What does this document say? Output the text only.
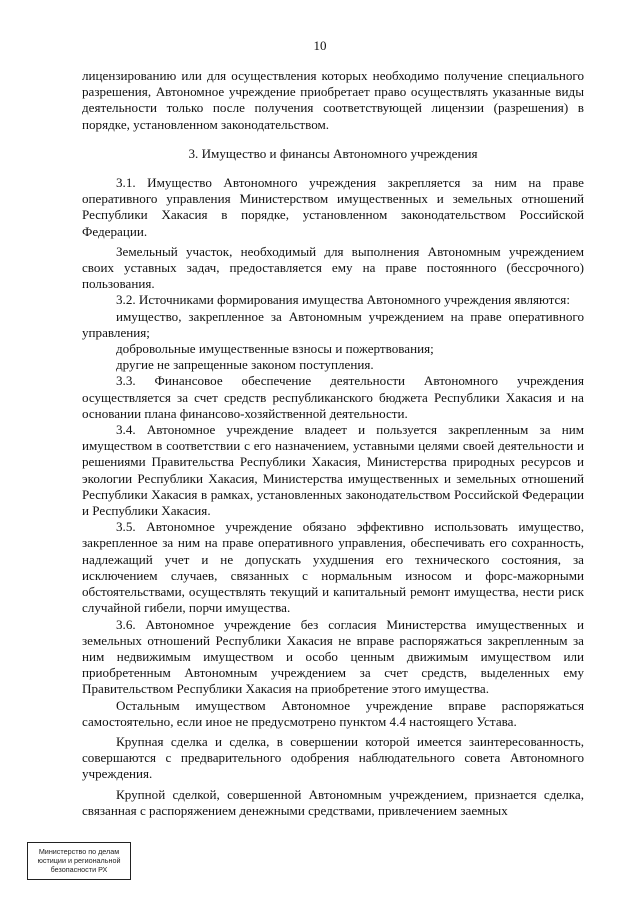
10

лицензированию или для осуществления которых необходимо получение специального разрешения, Автономное учреждение приобретает право осуществлять указанные виды деятельности только после получения соответствующей лицензии (разрешения) в порядке, установленном законодательством.

3. Имущество и финансы Автономного учреждения

3.1. Имущество Автономного учреждения закрепляется за ним на праве оперативного управления Министерством имущественных и земельных отношений Республики Хакасия в порядке, установленном законодательством Российской Федерации.

Земельный участок, необходимый для выполнения Автономным учреждением своих уставных задач, предоставляется ему на праве постоянного (бессрочного) пользования.

3.2. Источниками формирования имущества Автономного учреждения являются:

имущество, закрепленное за Автономным учреждением на праве оперативного управления;

добровольные имущественные взносы и пожертвования;

другие не запрещенные законом поступления.

3.3. Финансовое обеспечение деятельности Автономного учреждения осуществляется за счет средств республиканского бюджета Республики Хакасия и на основании плана финансово-хозяйственной деятельности.

3.4. Автономное учреждение владеет и пользуется закрепленным за ним имуществом в соответствии с его назначением, уставными целями своей деятельности и решениями Правительства Республики Хакасия, Министерства природных ресурсов и экологии Республики Хакасия, Министерства имущественных и земельных отношений Республики Хакасия в рамках, установленных законодательством Российской Федерации и Республики Хакасия.

3.5. Автономное учреждение обязано эффективно использовать имущество, закрепленное за ним на праве оперативного управления, обеспечивать его сохранность, надлежащий учет и не допускать ухудшения его технического состояния, за исключением случаев, связанных с нормальным износом и форс-мажорными обстоятельствами, осуществлять текущий и капитальный ремонт имущества, нести риск случайной гибели, порчи имущества.

3.6. Автономное учреждение без согласия Министерства имущественных и земельных отношений Республики Хакасия не вправе распоряжаться закрепленным за ним недвижимым имуществом и особо ценным движимым имуществом или приобретенным Автономным учреждением за счет средств, выделенных ему Правительством Республики Хакасия на приобретение этого имущества.

Остальным имуществом Автономное учреждение вправе распоряжаться самостоятельно, если иное не предусмотрено пунктом 4.4 настоящего Устава.

Крупная сделка и сделка, в совершении которой имеется заинтересованность, совершаются с предварительного одобрения наблюдательного совета Автономного учреждения.

Крупной сделкой, совершенной Автономным учреждением, признается сделка, связанная с распоряжением денежными средствами, привлечением заемных

Министерство по делам
юстиции и региональной
безопасности РХ
